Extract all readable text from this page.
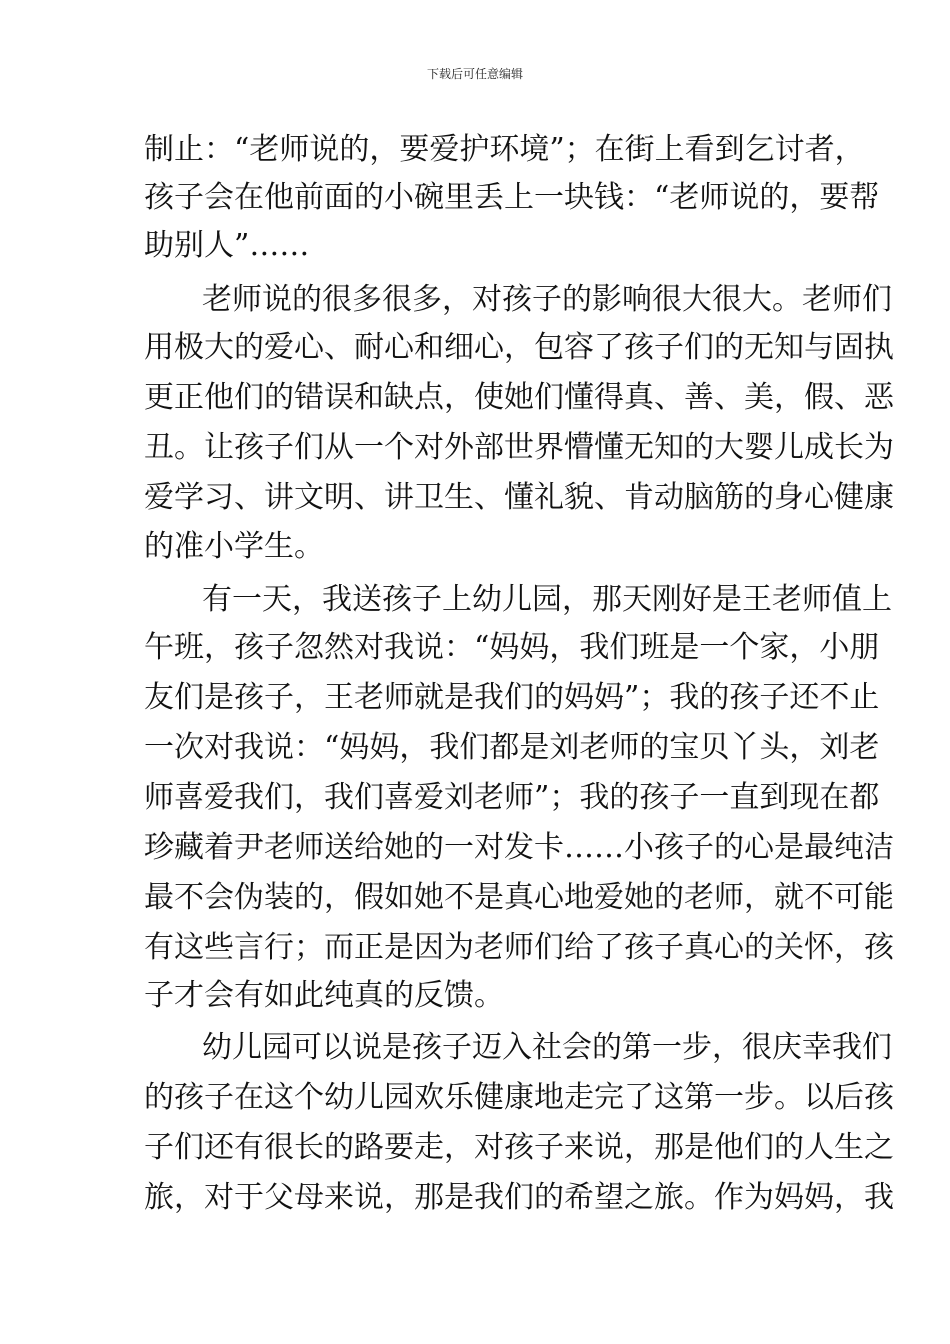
下载后可任意编辑
制止：“老师说的，要爱护环境”；在街上看到乞讨者，
孩子会在他前面的小碗里丢上一块钱：“老师说的，要帮
助别人”……
老师说的很多很多，对孩子的影响很大很大。老师们
用极大的爱心、耐心和细心，包容了孩子们的无知与固执
更正他们的错误和缺点，使她们懂得真、善、美，假、恶
丑。让孩子们从一个对外部世界懵懂无知的大婴儿成长为
爱学习、讲文明、讲卫生、懂礼貌、肯动脑筋的身心健康
的准小学生。
有一天，我送孩子上幼儿园，那天刚好是王老师值上
午班，孩子忽然对我说：“妈妈，我们班是一个家，小朋
友们是孩子，王老师就是我们的妈妈”；我的孩子还不止
一次对我说：“妈妈，我们都是刘老师的宝贝丫头，刘老
师喜爱我们，我们喜爱刘老师”；我的孩子一直到现在都
珍藏着尹老师送给她的一对发卡……小孩子的心是最纯洁
最不会伪装的，假如她不是真心地爱她的老师，就不可能
有这些言行；而正是因为老师们给了孩子真心的关怀，孩
子才会有如此纯真的反馈。
幼儿园可以说是孩子迈入社会的第一步，很庆幸我们
的孩子在这个幼儿园欢乐健康地走完了这第一步。以后孩
子们还有很长的路要走，对孩子来说，那是他们的人生之
旅，对于父母来说，那是我们的希望之旅。作为妈妈，我
